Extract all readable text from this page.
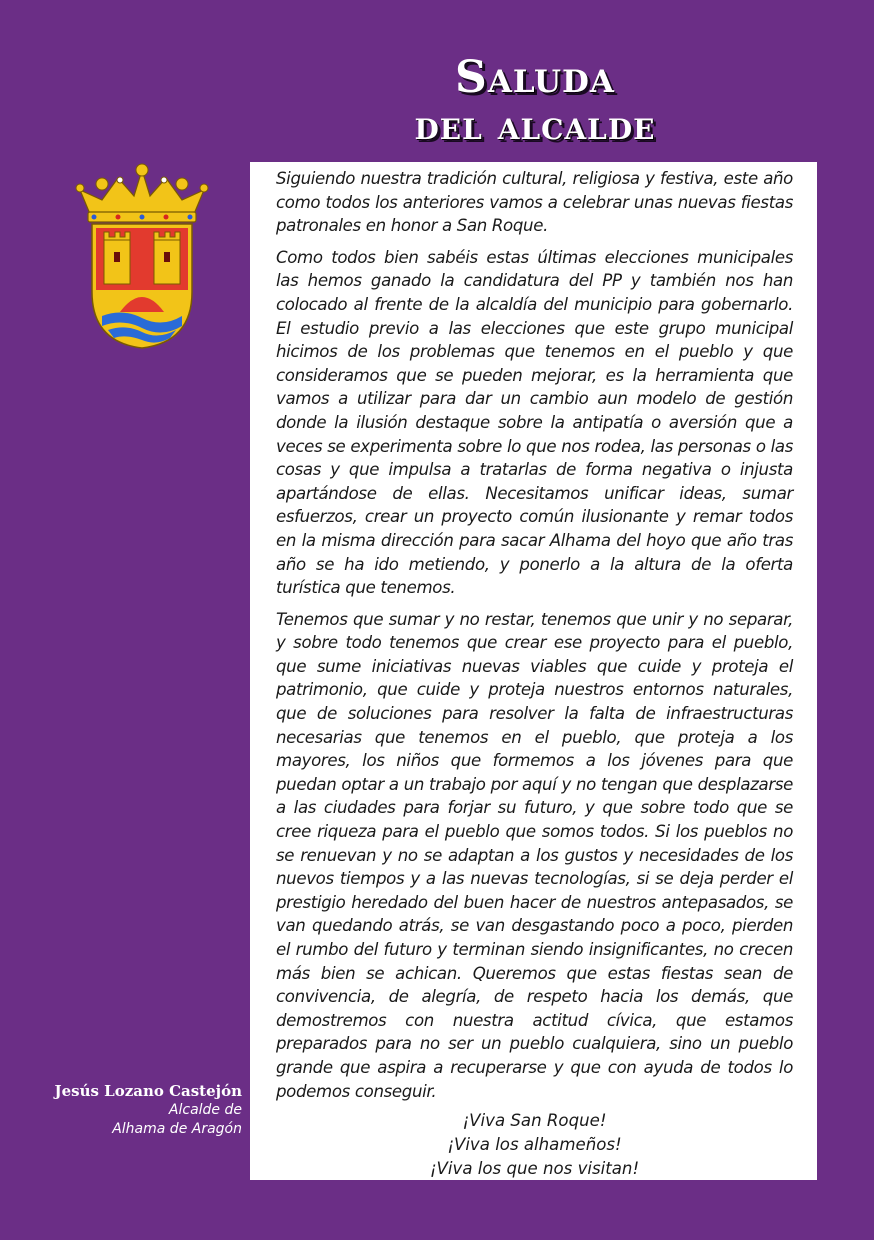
Saluda
del alcalde

Siguiendo nuestra tradición cultural, religiosa y festiva, este año como todos los anteriores vamos a celebrar unas nuevas fiestas patronales en honor a San Roque.

Como todos bien sabéis estas últimas elecciones municipales las hemos ganado la candidatura del PP y también nos han colocado al frente de la alcaldía del municipio para gobernarlo. El estudio previo a las elecciones que este grupo municipal hicimos de los problemas que tenemos en el pueblo y que consideramos que se pueden mejorar, es la herramienta que vamos a utilizar para dar un cambio aun modelo de gestión donde la ilusión destaque sobre la antipatía o aversión que a veces se experimenta sobre lo que nos rodea, las personas o las cosas y que impulsa a tratarlas de forma negativa o injusta apartándose de ellas. Necesitamos unificar ideas, sumar esfuerzos, crear un proyecto común ilusionante y remar todos en la misma dirección para sacar Alhama del hoyo que año tras año se ha ido metiendo, y ponerlo a la altura de la oferta turística que tenemos.

Tenemos que sumar y no restar, tenemos que unir y no separar, y sobre todo tenemos que crear ese proyecto para el pueblo, que sume iniciativas nuevas viables que cuide y proteja el patrimonio, que cuide y proteja nuestros entornos naturales, que de soluciones para resolver la falta de infraestructuras necesarias que tenemos en el pueblo, que proteja a los mayores, los niños que formemos a los jóvenes para que puedan optar a un trabajo por aquí y no tengan que desplazarse a las ciudades para forjar su futuro, y que sobre todo que se cree riqueza para el pueblo que somos todos. Si los pueblos no se renuevan y no se adaptan a los gustos y necesidades de los nuevos tiempos y a las nuevas tecnologías, si se deja perder el prestigio heredado del buen hacer de nuestros antepasados, se van quedando atrás, se van desgastando poco a poco, pierden el rumbo del futuro y terminan siendo insignificantes, no crecen más bien se achican. Queremos que estas fiestas sean de convivencia, de alegría, de respeto hacia los demás, que demostremos con nuestra actitud cívica, que estamos preparados para no ser un pueblo cualquiera, sino un pueblo grande que aspira a recuperarse y que con ayuda de todos lo podemos conseguir.

¡Viva San Roque!
¡Viva los alhameños!
¡Viva los que nos visitan!
Jesús Lozano Castejón
Alcalde de
Alhama de Aragón
